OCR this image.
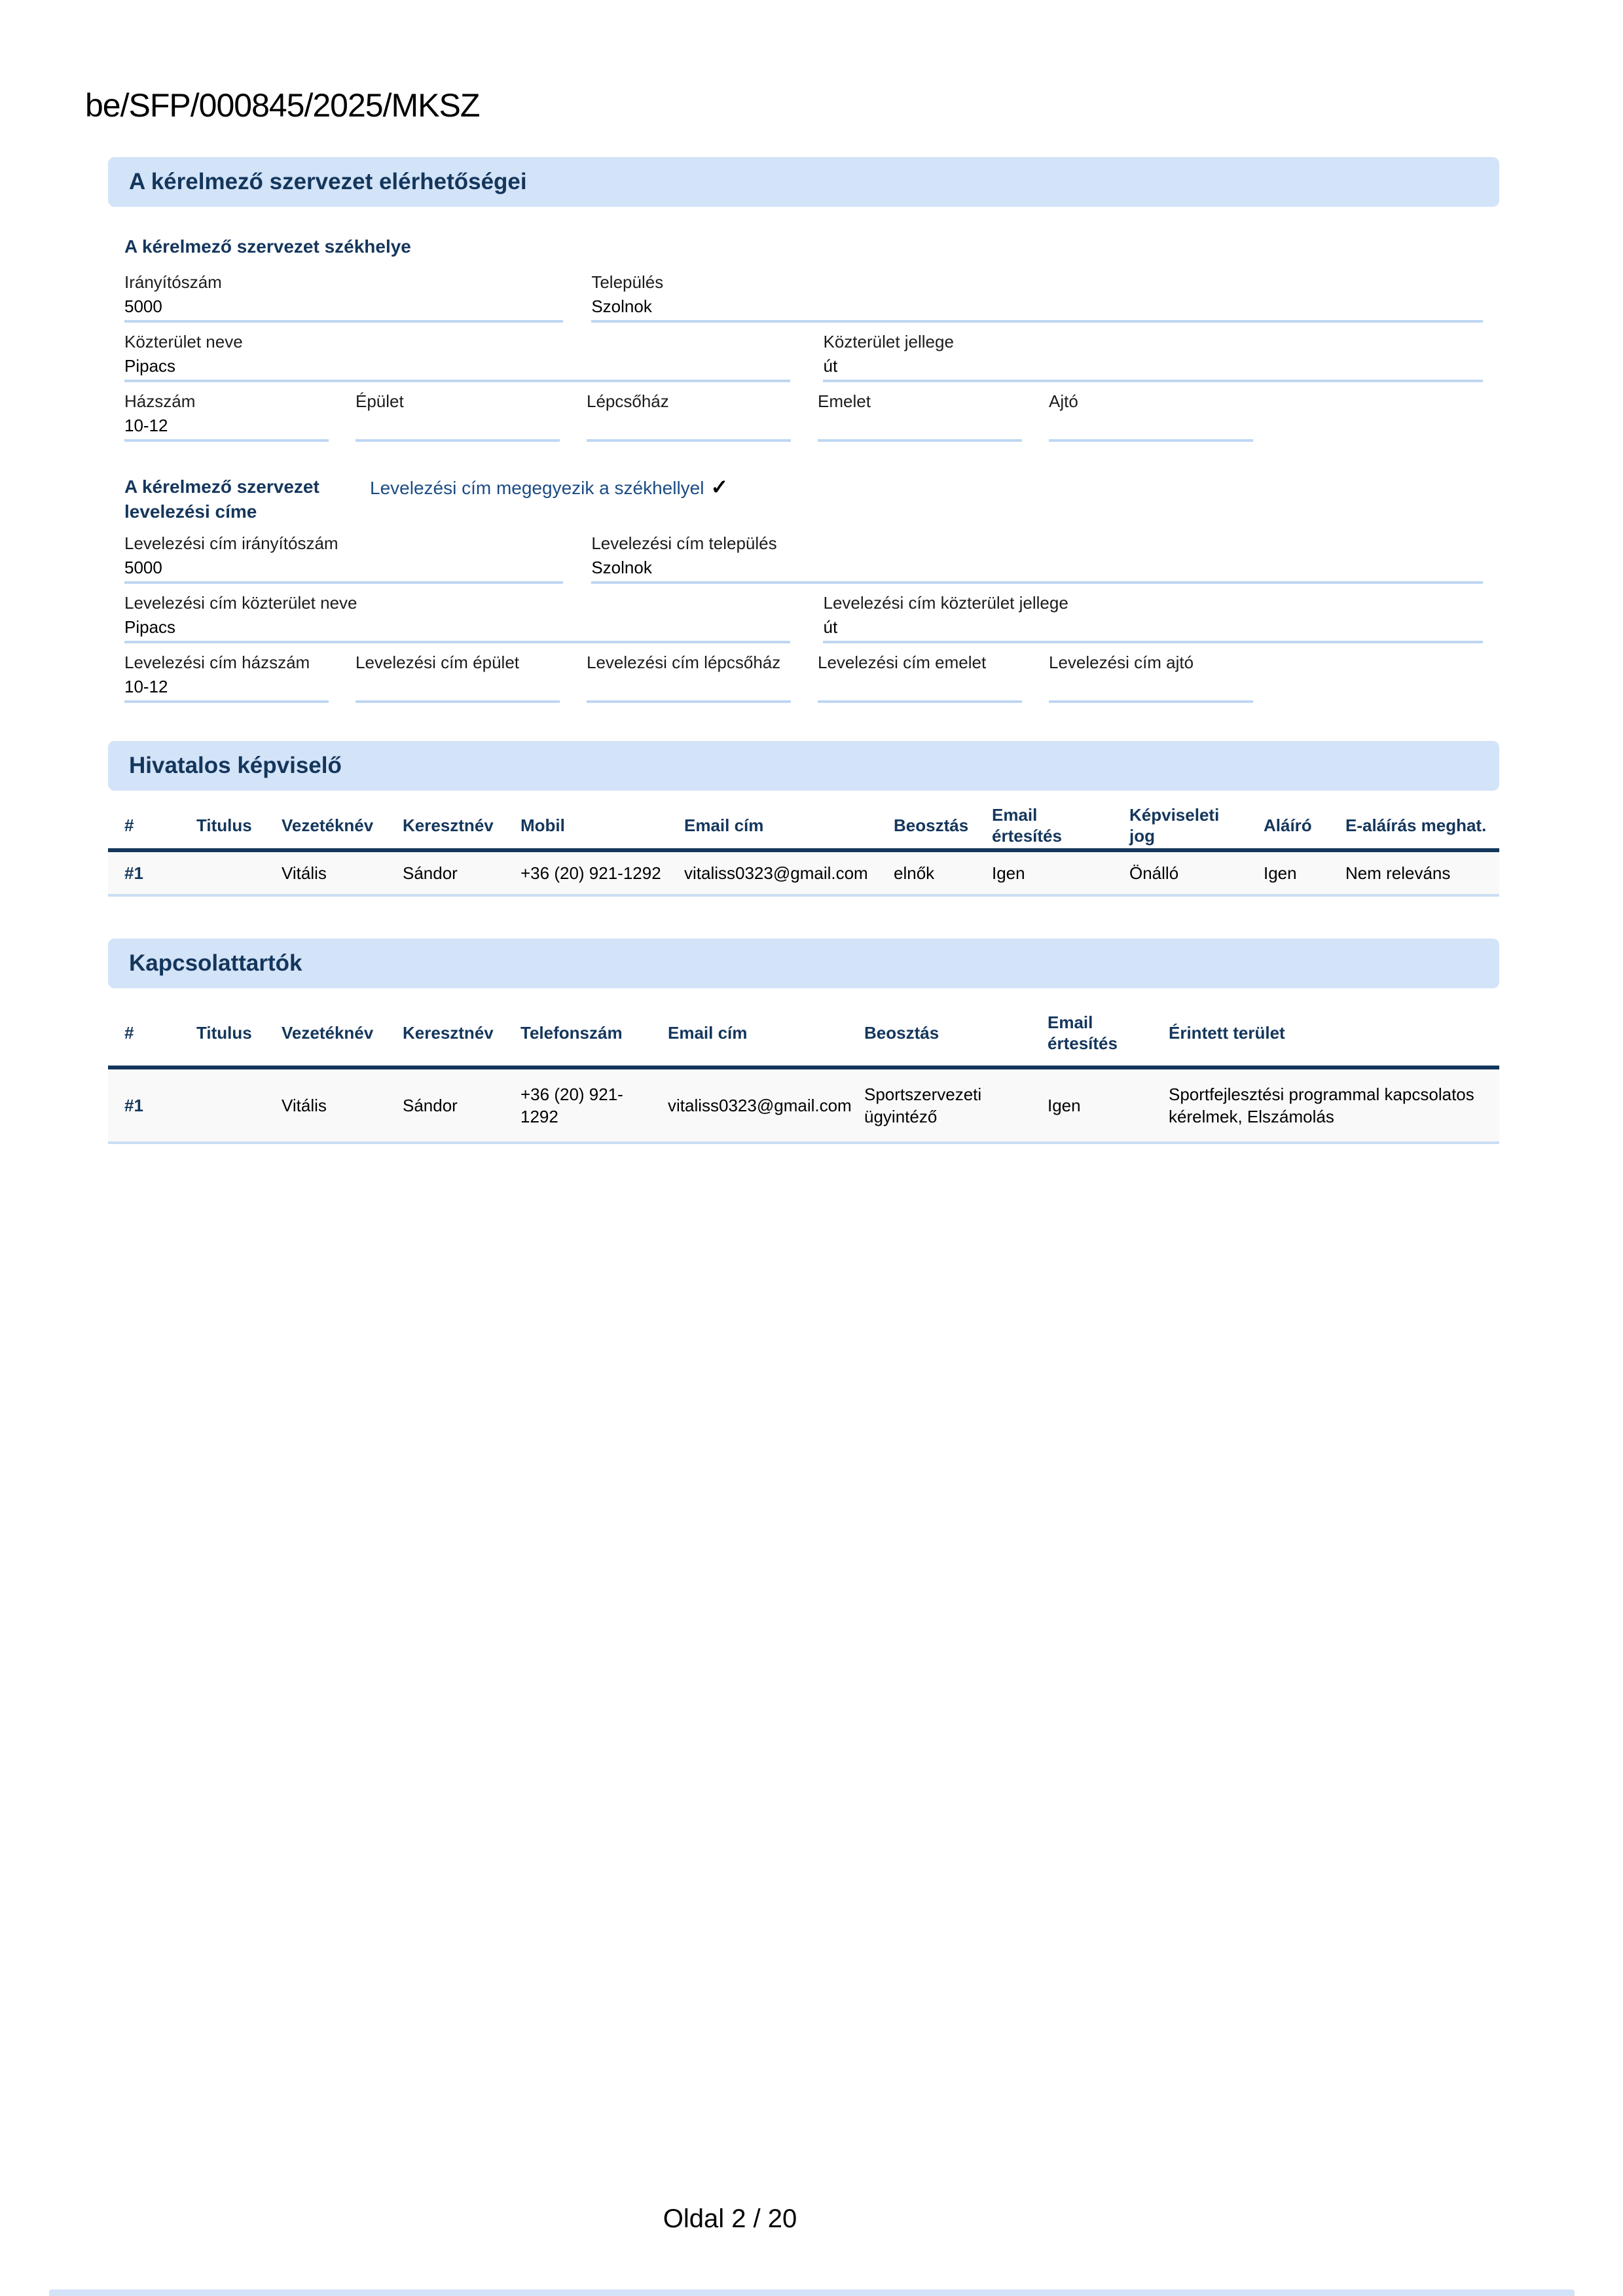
be/SFP/000845/2025/MKSZ
A kérelmező szervezet elérhetőségei
A kérelmező szervezet székhelye
Irányítószám
5000
Település
Szolnok
Közterület neve
Pipacs
Közterület jellege
út
Házszám
10-12
Épület	Lépcsőház	Emelet	Ajtó
A kérelmező szervezet levelezési címe
Levelezési cím megegyezik a székhellyel ✓
Levelezési cím irányítószám
5000
Levelezési cím település
Szolnok
Levelezési cím közterület neve
Pipacs
Levelezési cím közterület jellege
út
Levelezési cím házszám
10-12
Levelezési cím épület	Levelezési cím lépcsőház	Levelezési cím emelet	Levelezési cím ajtó
Hivatalos képviselő
#	Titulus	Vezetéknév	Keresztnév	Mobil	Email cím	Beosztás	Email értesítés	Képviseleti jog	Aláíró	E-aláírás meghat.
#1		Vitális	Sándor	+36 (20) 921-1292	vitaliss0323@gmail.com	elnők	Igen	Önálló	Igen	Nem releváns
Kapcsolattartók
#	Titulus	Vezetéknév	Keresztnév	Telefonszám	Email cím	Beosztás	Email értesítés	Érintett terület
#1		Vitális	Sándor	+36 (20) 921-1292	vitaliss0323@gmail.com	Sportszervezeti ügyintéző	Igen	Sportfejlesztési programmal kapcsolatos kérelmek, Elszámolás
Oldal 2 / 20
